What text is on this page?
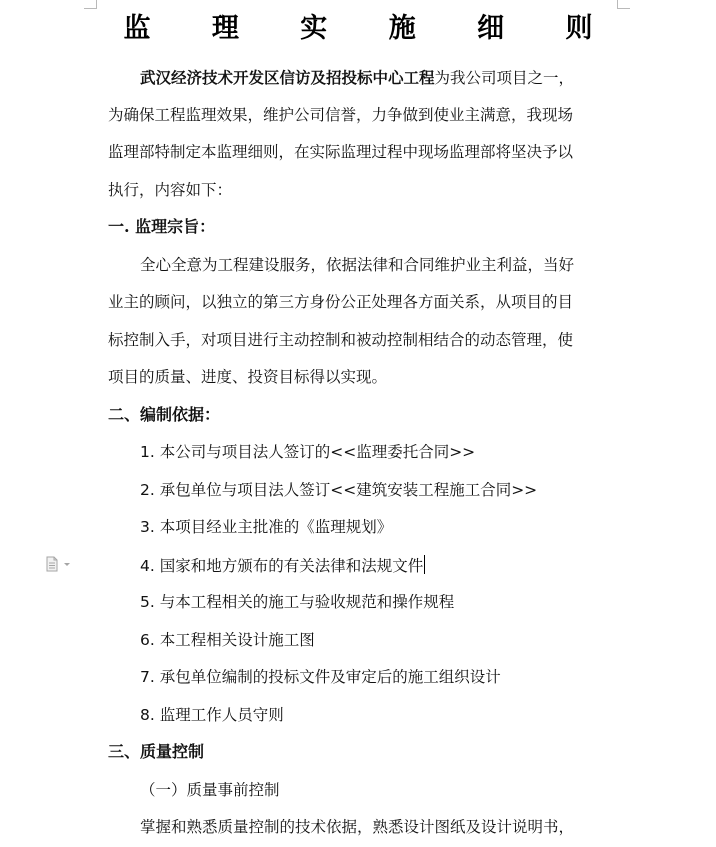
监 理 实 施 细 则
武汉经济技术开发区信访及招投标中心工程为我公司项目之一，
为确保工程监理效果，维护公司信誉，力争做到使业主满意，我现场
监理部特制定本监理细则，在实际监理过程中现场监理部将坚决予以
执行，内容如下：
一. 监理宗旨：
全心全意为工程建设服务，依据法律和合同维护业主利益，当好
业主的顾问，以独立的第三方身份公正处理各方面关系，从项目的目
标控制入手，对项目进行主动控制和被动控制相结合的动态管理，使
项目的质量、进度、投资目标得以实现。
二、编制依据：
1. 本公司与项目法人签订的<<监理委托合同>>
2. 承包单位与项目法人签订<<建筑安装工程施工合同>>
3. 本项目经业主批准的《监理规划》
4. 国家和地方颁布的有关法律和法规文件
5. 与本工程相关的施工与验收规范和操作规程
6. 本工程相关设计施工图
7. 承包单位编制的投标文件及审定后的施工组织设计
8. 监理工作人员守则
三、质量控制
（一）质量事前控制
掌握和熟悉质量控制的技术依据，熟悉设计图纸及设计说明书，
